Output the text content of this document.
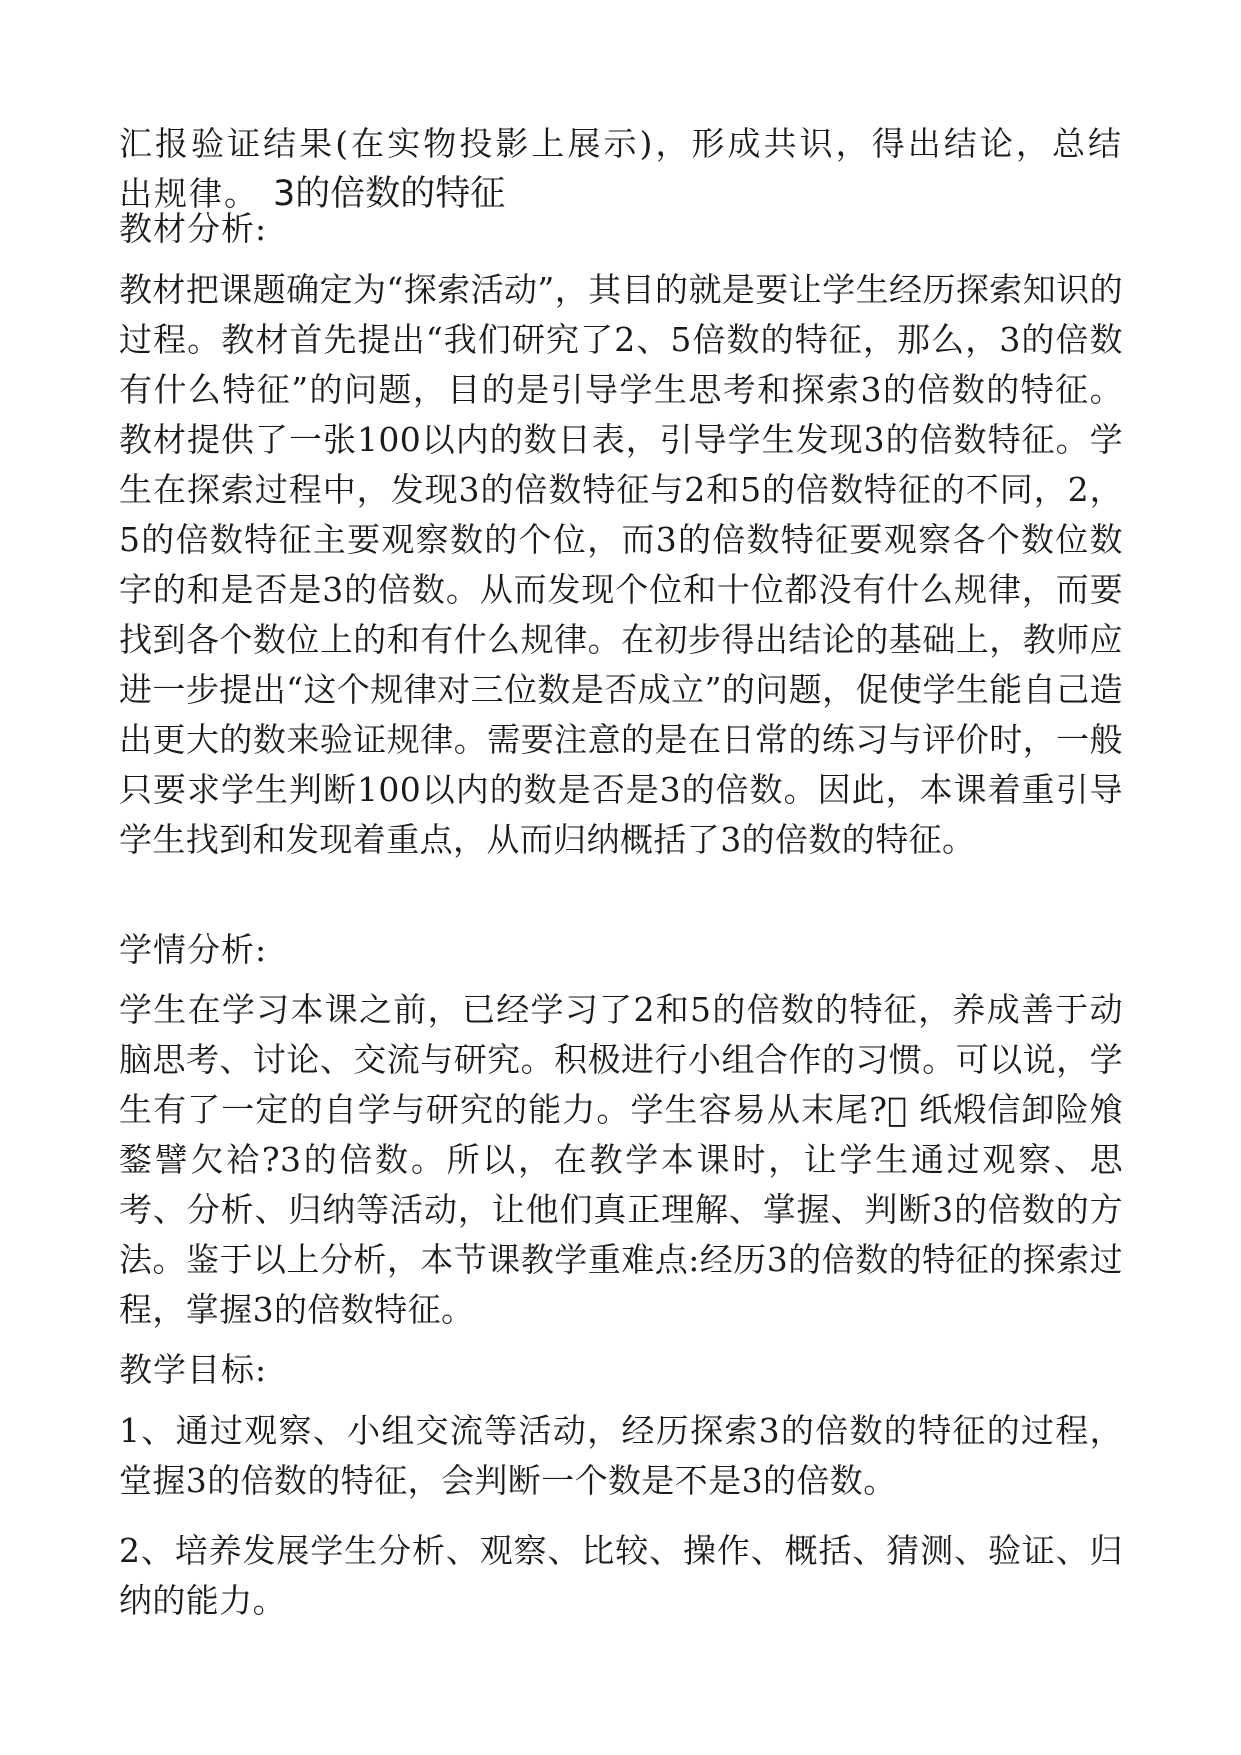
汇报验证结果(在实物投影上展示)，形成共识，得出结论，总结出规律。 3的倍数的特征

教材分析:

教材把课题确定为“探索活动”，其目的就是要让学生经历探索知识的过程。教材首先提出“我们研究了2、5倍数的特征，那么，3的倍数有什么特征”的问题，目的是引导学生思考和探索3的倍数的特征。教材提供了一张100以内的数日表，引导学生发现3的倍数特征。学生在探索过程中，发现3的倍数特征与2和5的倍数特征的不同，2，5的倍数特征主要观察数的个位，而3的倍数特征要观察各个数位数字的和是否是3的倍数。从而发现个位和十位都没有什么规律，而要找到各个数位上的和有什么规律。在初步得出结论的基础上，教师应进一步提出“这个规律对三位数是否成立”的问题，促使学生能自己造出更大的数来验证规律。需要注意的是在日常的练习与评价时，一般只要求学生判断100以内的数是否是3的倍数。因此，本课着重引导学生找到和发现着重点，从而归纳概括了3的倍数的特征。

学情分析:

学生在学习本课之前，已经学习了2和5的倍数的特征，养成善于动脑思考、讨论、交流与研究。积极进行小组合作的习惯。可以说，学生有了一定的自学与研究的能力。学生容易从末尾?  纸煅信卸险飧鍪譬欠袷?3的倍数。所以，在教学本课时，让学生通过观察、思考、分析、归纳等活动，让他们真正理解、掌握、判断3的倍数的方法。鉴于以上分析，本节课教学重难点:经历3的倍数的特征的探索过程，掌握3的倍数特征。

教学目标:

1、通过观察、小组交流等活动，经历探索3的倍数的特征的过程，堂握3的倍数的特征，会判断一个数是不是3的倍数。

2、培养发展学生分析、观察、比较、操作、概括、猜测、验证、归纳的能力。
